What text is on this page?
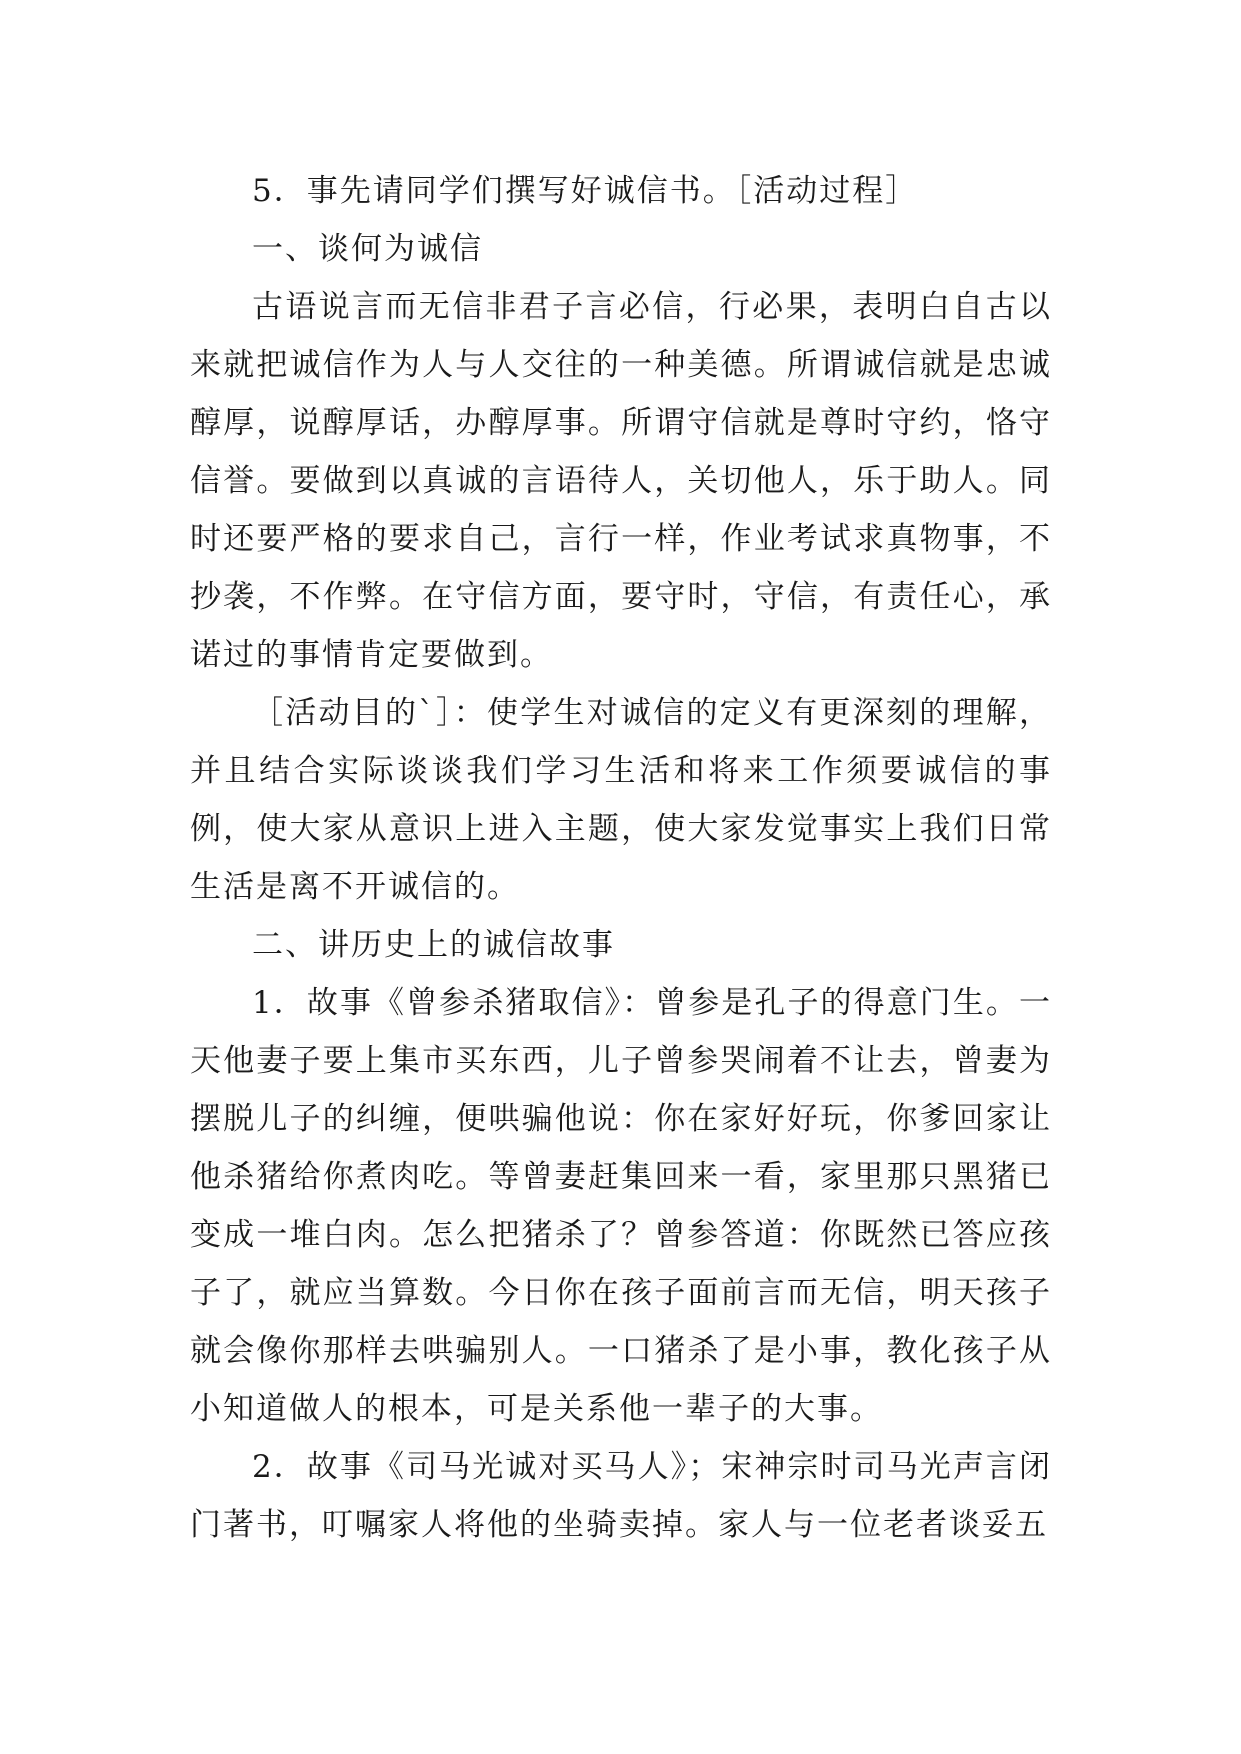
5．事先请同学们撰写好诚信书。［活动过程］

一、谈何为诚信

古语说言而无信非君子言必信，行必果，表明白自古以来就把诚信作为人与人交往的一种美德。所谓诚信就是忠诚醇厚，说醇厚话，办醇厚事。所谓守信就是尊时守约，恪守信誉。要做到以真诚的言语待人，关切他人，乐于助人。同时还要严格的要求自己，言行一样，作业考试求真物事，不抄袭，不作弊。在守信方面，要守时，守信，有责任心，承诺过的事情肯定要做到。

［活动目的`］：使学生对诚信的定义有更深刻的理解，并且结合实际谈谈我们学习生活和将来工作须要诚信的事例，使大家从意识上进入主题，使大家发觉事实上我们日常生活是离不开诚信的。

二、讲历史上的诚信故事

1．故事《曾参杀猪取信》：曾参是孔子的得意门生。一天他妻子要上集市买东西，儿子曾参哭闹着不让去，曾妻为摆脱儿子的纠缠，便哄骗他说：你在家好好玩，你爹回家让他杀猪给你煮肉吃。等曾妻赶集回来一看，家里那只黑猪已变成一堆白肉。怎么把猪杀了？曾参答道：你既然已答应孩子了，就应当算数。今日你在孩子面前言而无信，明天孩子就会像你那样去哄骗别人。一口猪杀了是小事，教化孩子从小知道做人的根本，可是关系他一辈子的大事。

2．故事《司马光诚对买马人》；宋神宗时司马光声言闭门著书，叮嘱家人将他的坐骑卖掉。家人与一位老者谈妥五
